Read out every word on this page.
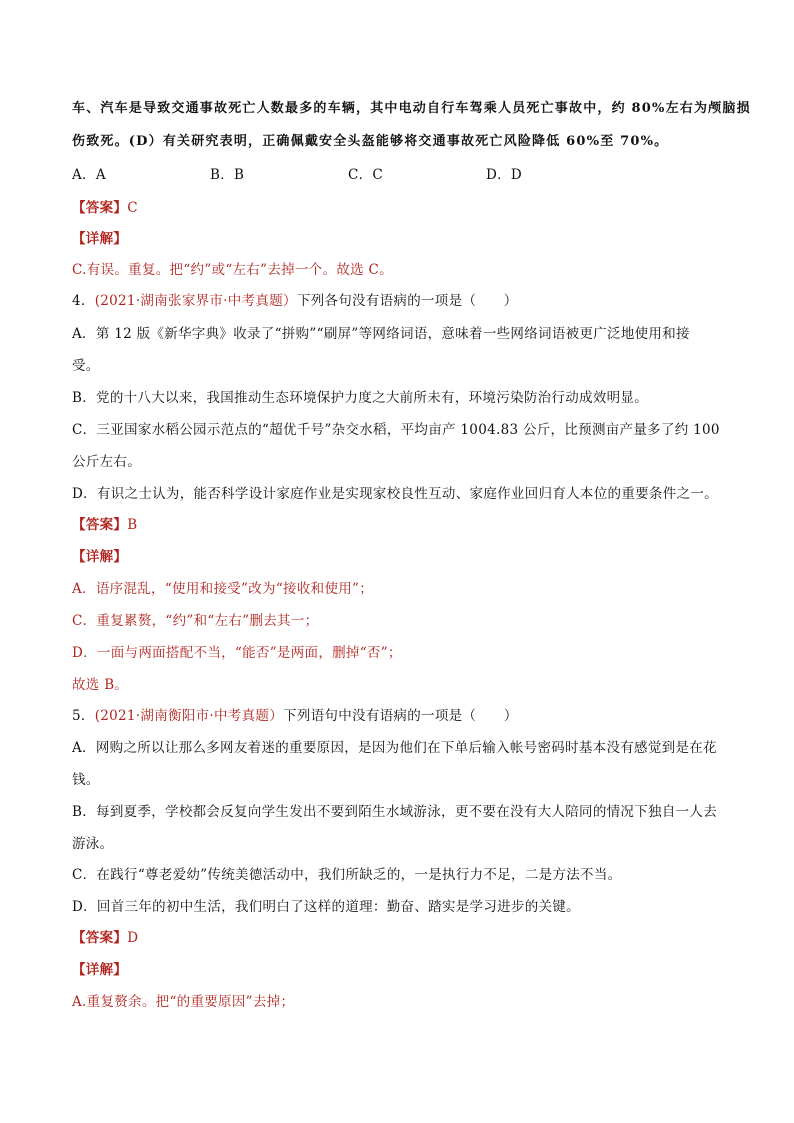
车、汽车是导致交通事故死亡人数最多的车辆，其中电动自行车驾乘人员死亡事故中，约 80%左右为颅脑损
伤致死。(D）有关研究表明，正确佩戴安全头盔能够将交通事故死亡风险降低 60%至 70%。
A．A	B．B	C．C	D．D
【答案】C
【详解】
C.有误。重复。把“约”或“左右”去掉一个。故选 C。
4．(2021·湖南张家界市·中考真题）下列各句没有语病的一项是（　　）
A．第 12 版《新华字典》收录了“拼购”“刷屏”等网络词语，意味着一些网络词语被更广泛地使用和接
受。
B．党的十八大以来，我国推动生态环境保护力度之大前所未有，环境污染防治行动成效明显。
C．三亚国家水稻公园示范点的“超优千号”杂交水稻，平均亩产 1004.83 公斤，比预测亩产量多了约 100
公斤左右。
D．有识之士认为，能否科学设计家庭作业是实现家校良性互动、家庭作业回归育人本位的重要条件之一。
【答案】B
【详解】
A．语序混乱，“使用和接受”改为“接收和使用”；
C．重复累赘，“约”和“左右”删去其一；
D．一面与两面搭配不当，“能否”是两面，删掉“否”；
故选 B。
5．(2021·湖南衡阳市·中考真题）下列语句中没有语病的一项是（　　）
A．网购之所以让那么多网友着迷的重要原因，是因为他们在下单后输入帐号密码时基本没有感觉到是在花
钱。
B．每到夏季，学校都会反复向学生发出不要到陌生水域游泳，更不要在没有大人陪同的情况下独自一人去
游泳。
C．在践行“尊老爱幼”传统美德活动中，我们所缺乏的，一是执行力不足，二是方法不当。
D．回首三年的初中生活，我们明白了这样的道理：勤奋、踏实是学习进步的关键。
【答案】D
【详解】
A.重复赘余。把“的重要原因”去掉；
